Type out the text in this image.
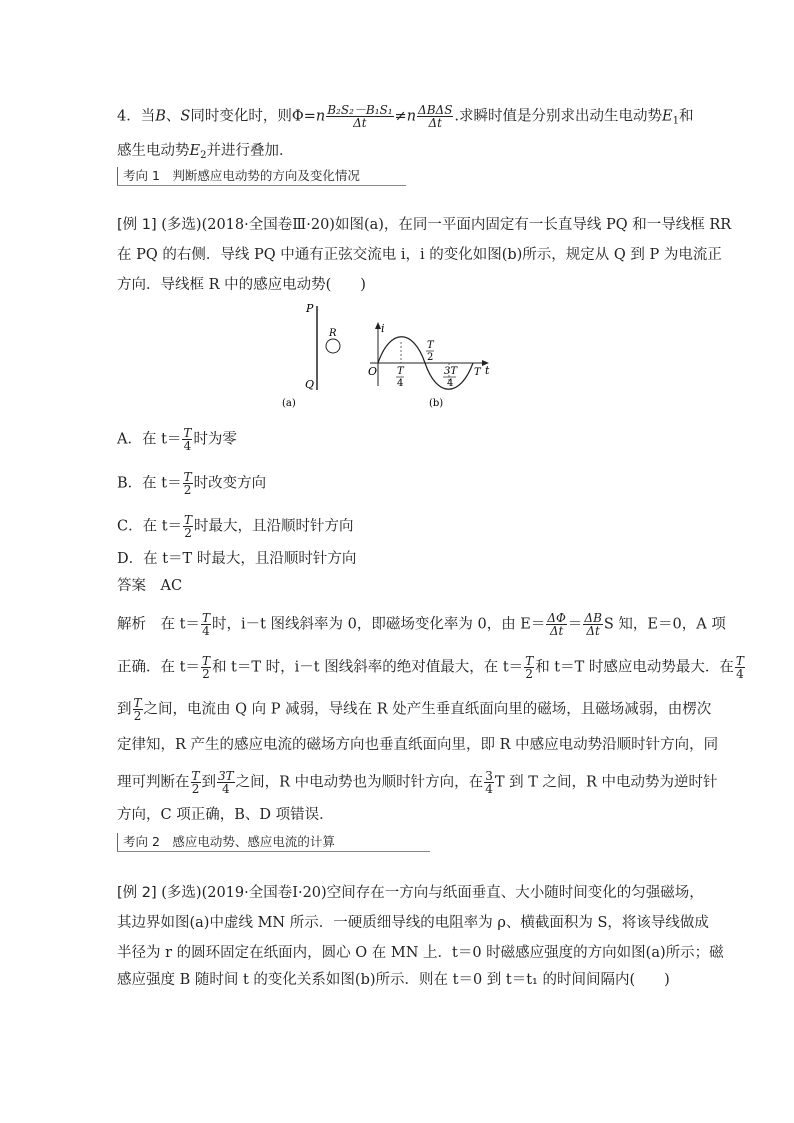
4．当B、S同时变化时，则$\Phi=n \frac{\text{B₂S₂－B₁S₁}}{\Delta t} \ne n \frac{\text{ΔBΔS}}{\Delta t}$ .求瞬时值是分别求出动生电动势$E_1$和
感生电动势$E_2$并进行叠加．
考向 1　判断感应电动势的方向及变化情况
[例 1] (多选)(2018·全国卷Ⅲ·20)如图(a)，在同一平面内固定有一长直导线 PQ 和一导线框 RR
在 PQ 的右侧．导线 PQ 中通有正弦交流电 i，i 的变化如图(b)所示，规定从 Q 到 P 为电流正
方向．导线框 R 中的感应电动势(　　)
P
Q
R
(a)
i
t
O
T
2
T
4
3T
4
T
(b)
A．在 $t= \frac{T}{4}$ 时为零
B．在 $t= \frac{T}{2}$ 时改变方向
C．在 $t= \frac{T}{2}$ 时最大，且沿顺时针方向
D．在 t＝T 时最大，且沿顺时针方向
答案　 AC
解析　在 $t= \frac{T}{4}$ 时，i－t 图线斜率为 0，即磁场变化率为 0，由 $E= \frac{\Delta\Phi}{\Delta t} = \frac{\Delta B}{\Delta t}$ S 知，E＝0，A 项
正确．在 $t= \frac{T}{2}$ 和 t＝T 时，i－t 图线斜率的绝对值最大，在 $t= \frac{T}{2}$ 和 t＝T 时感应电动势最大．在 $\frac{T}{4}$
到 $\frac{T}{2}$ 之间，电流由 Q 向 P 减弱，导线在 R 处产生垂直纸面向里的磁场，且磁场减弱，由楞次
定律知，R 产生的感应电流的磁场方向也垂直纸面向里，即 R 中感应电动势沿顺时针方向，同
理可判断在 $\frac{T}{2}$ 到 $\frac{3T}{4}$ 之间，R 中电动势也为顺时针方向，在 $\frac{3}{4}$ T 到 T 之间，R 中电动势为逆时针
方向，C 项正确，B、D 项错误．
考向 2　感应电动势、感应电流的计算
[例 2] (多选)(2019·全国卷Ⅰ·20)空间存在一方向与纸面垂直、大小随时间变化的匀强磁场，
其边界如图(a)中虚线 MN 所示．一硬质细导线的电阻率为 ρ、横截面积为 S，将该导线做成
半径为 r 的圆环固定在纸面内，圆心 O 在 MN 上．t＝0 时磁感应强度的方向如图(a)所示；磁
感应强度 B 随时间 t 的变化关系如图(b)所示．则在 t＝0 到 t＝t₁ 的时间间隔内(　　)
